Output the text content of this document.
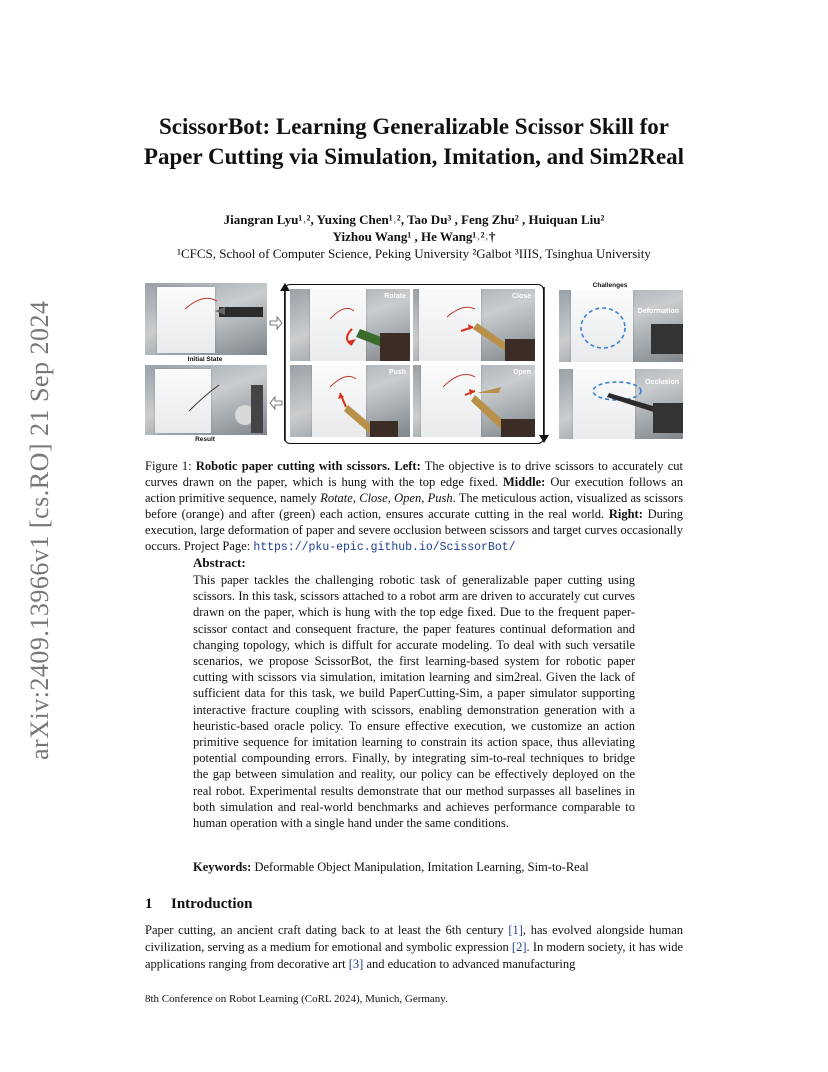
arXiv:2409.13966v1 [cs.RO] 21 Sep 2024
ScissorBot: Learning Generalizable Scissor Skill for Paper Cutting via Simulation, Imitation, and Sim2Real
Jiangran Lyu¹˒², Yuxing Chen¹˒², Tao Du³ , Feng Zhu² , Huiquan Liu²
Yizhou Wang¹ , He Wang¹˒²˒†
¹CFCS, School of Computer Science, Peking University ²Galbot ³IIIS, Tsinghua University
Initial State
Result
Rotate	Close
Push	Open
Challenges
Deformation
Occlusion
Figure 1: Robotic paper cutting with scissors. Left: The objective is to drive scissors to accurately cut curves drawn on the paper, which is hung with the top edge fixed. Middle: Our execution follows an action primitive sequence, namely Rotate, Close, Open, Push. The meticulous action, visualized as scissors before (orange) and after (green) each action, ensures accurate cutting in the real world. Right: During execution, large deformation of paper and severe occlusion between scissors and target curves occasionally occurs. Project Page: https://pku-epic.github.io/ScissorBot/
Abstract:
This paper tackles the challenging robotic task of generalizable paper cutting using scissors. In this task, scissors attached to a robot arm are driven to accurately cut curves drawn on the paper, which is hung with the top edge fixed. Due to the frequent paper-scissor contact and consequent fracture, the paper features continual deformation and changing topology, which is diffult for accurate modeling. To deal with such versatile scenarios, we propose ScissorBot, the first learning-based system for robotic paper cutting with scissors via simulation, imitation learning and sim2real. Given the lack of sufficient data for this task, we build PaperCutting-Sim, a paper simulator supporting interactive fracture coupling with scissors, enabling demonstration generation with a heuristic-based oracle policy. To ensure effective execution, we customize an action primitive sequence for imitation learning to constrain its action space, thus alleviating potential compounding errors. Finally, by integrating sim-to-real techniques to bridge the gap between simulation and reality, our policy can be effectively deployed on the real robot. Experimental results demonstrate that our method surpasses all baselines in both simulation and real-world benchmarks and achieves performance comparable to human operation with a single hand under the same conditions.
Keywords: Deformable Object Manipulation, Imitation Learning, Sim-to-Real
1 Introduction
Paper cutting, an ancient craft dating back to at least the 6th century [1], has evolved alongside human civilization, serving as a medium for emotional and symbolic expression [2]. In modern society, it has wide applications ranging from decorative art [3] and education to advanced manufacturing
8th Conference on Robot Learning (CoRL 2024), Munich, Germany.
